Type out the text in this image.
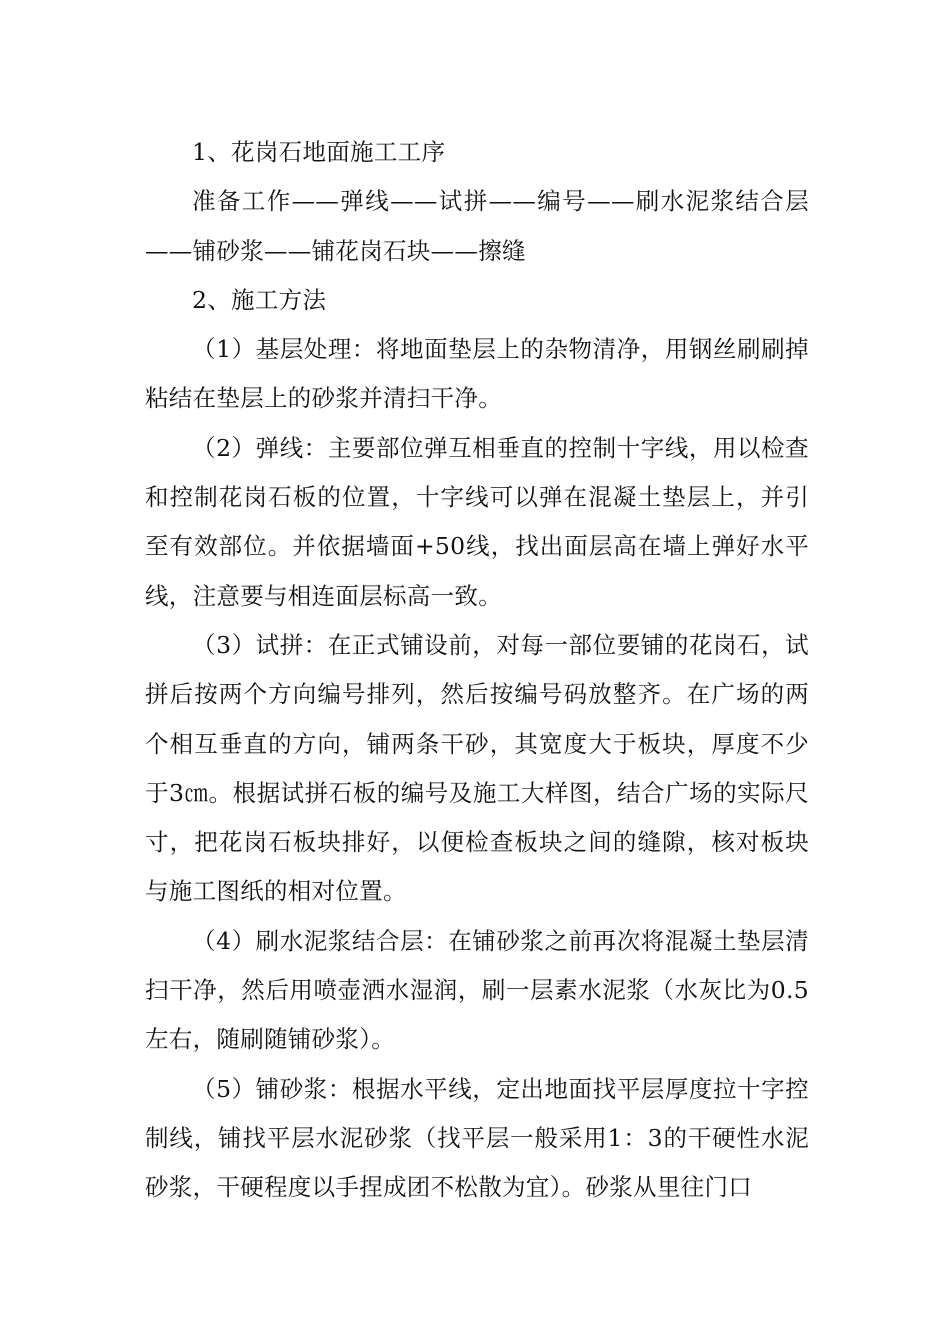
1、花岗石地面施工工序

准备工作——弹线——试拼——编号——刷水泥浆结合层——铺砂浆——铺花岗石块——擦缝

2、施工方法

（1）基层处理：将地面垫层上的杂物清净，用钢丝刷刷掉粘结在垫层上的砂浆并清扫干净。

（2）弹线：主要部位弹互相垂直的控制十字线，用以检查和控制花岗石板的位置，十字线可以弹在混凝土垫层上，并引至有效部位。并依据墙面+50线，找出面层高在墙上弹好水平线，注意要与相连面层标高一致。

（3）试拼：在正式铺设前，对每一部位要铺的花岗石，试拼后按两个方向编号排列，然后按编号码放整齐。在广场的两个相互垂直的方向，铺两条干砂，其宽度大于板块，厚度不少于3㎝。根据试拼石板的编号及施工大样图，结合广场的实际尺寸，把花岗石板块排好，以便检查板块之间的缝隙，核对板块与施工图纸的相对位置。

（4）刷水泥浆结合层：在铺砂浆之前再次将混凝土垫层清扫干净，然后用喷壶洒水湿润，刷一层素水泥浆（水灰比为0.5左右，随刷随铺砂浆）。

（5）铺砂浆：根据水平线，定出地面找平层厚度拉十字控制线，铺找平层水泥砂浆（找平层一般采用1：3的干硬性水泥砂浆，干硬程度以手捏成团不松散为宜）。砂浆从里往门口
